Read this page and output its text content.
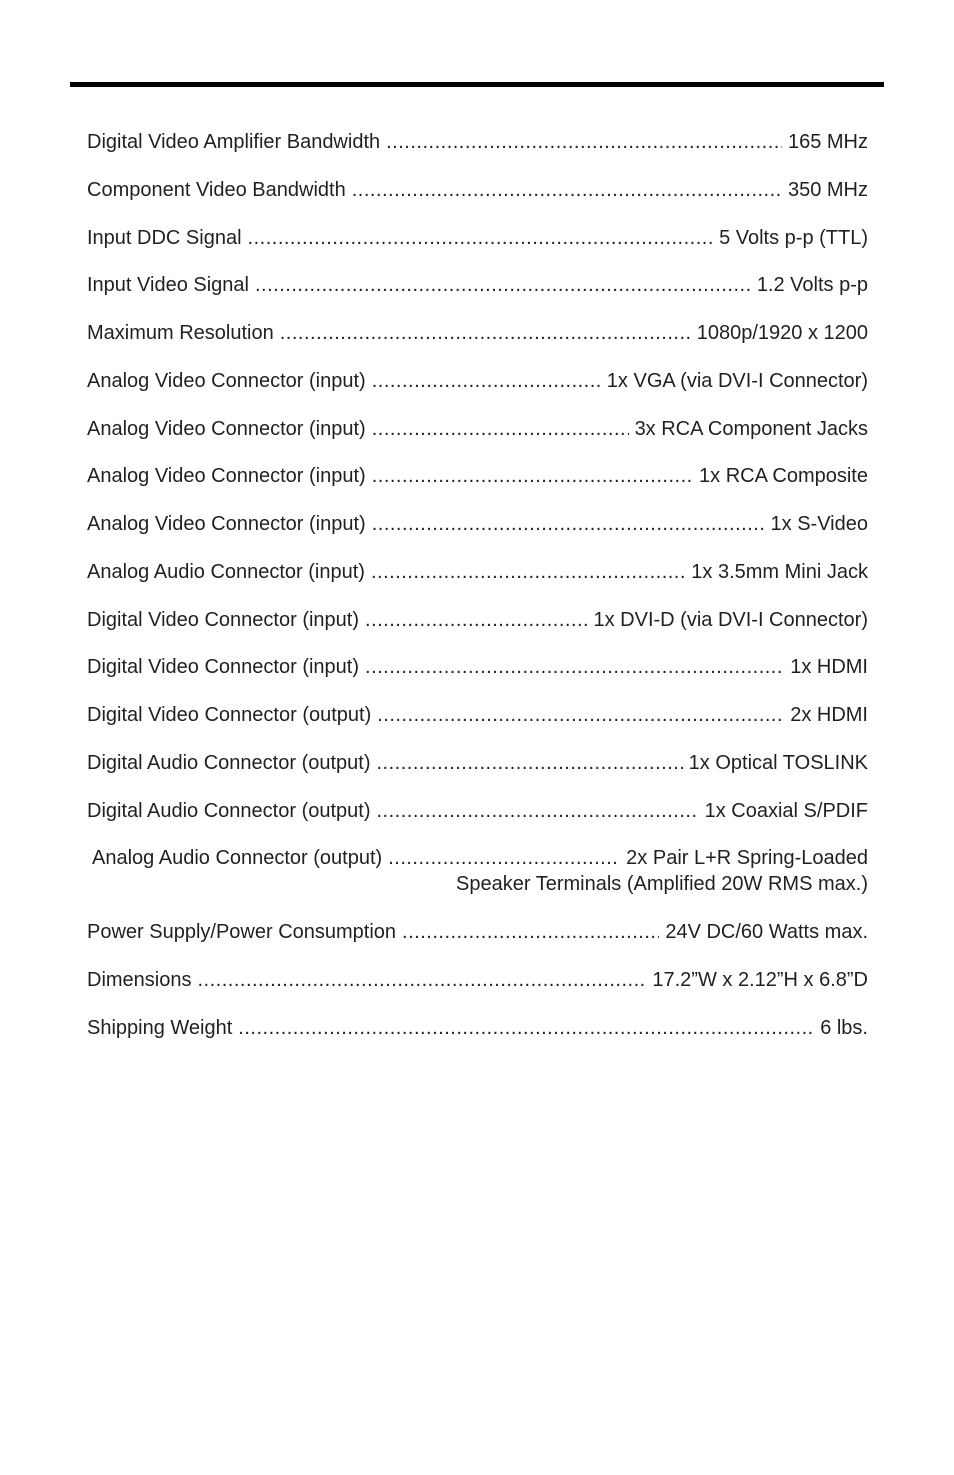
Digital Video Amplifier Bandwidth .....	165 MHz
Component Video Bandwidth .....	350 MHz
Input DDC Signal .....	5 Volts p-p (TTL)
Input Video Signal .....	1.2 Volts p-p
Maximum Resolution .....	1080p/1920 x 1200
Analog Video Connector (input) .....	1x VGA (via DVI-I Connector)
Analog Video Connector (input) .....	3x RCA Component Jacks
Analog Video Connector (input) .....	1x RCA Composite
Analog Video Connector (input) .....	1x S-Video
Analog Audio Connector (input) .....	1x 3.5mm Mini Jack
Digital Video Connector (input) .....	1x DVI-D (via DVI-I Connector)
Digital Video Connector (input) .....	1x HDMI
Digital Video Connector (output) .....	2x HDMI
Digital Audio Connector (output) .....	1x Optical TOSLINK
Digital Audio Connector (output) .....	1x Coaxial S/PDIF
Analog Audio Connector (output) .....	2x Pair L+R Spring-Loaded
Speaker Terminals (Amplified 20W RMS max.)
Power Supply/Power Consumption .....	24V DC/60 Watts max.
Dimensions .....	17.2”W x 2.12”H x 6.8”D
Shipping Weight .....	6 lbs.
